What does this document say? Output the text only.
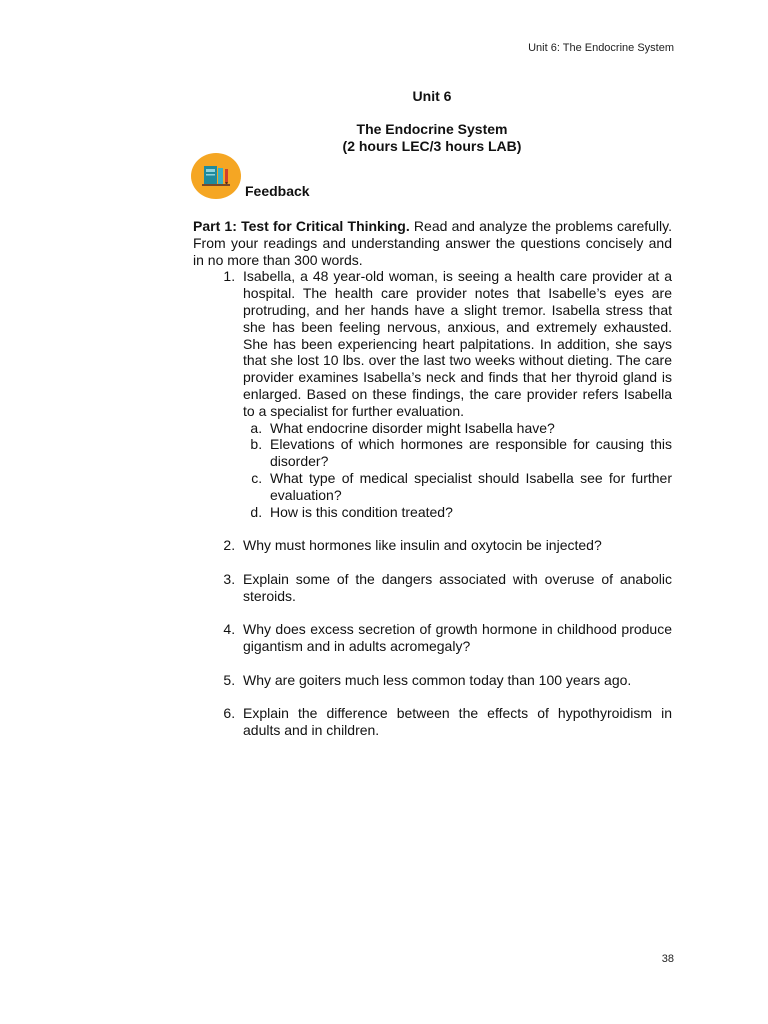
Unit 6: The Endocrine System
Unit 6
The Endocrine System
(2 hours LEC/3 hours LAB)
Feedback

Part 1: Test for Critical Thinking. Read and analyze the problems carefully. From your readings and understanding answer the questions concisely and in no more than 300 words.

1. Isabella, a 48 year-old woman, is seeing a health care provider at a hospital. The health care provider notes that Isabelle’s eyes are protruding, and her hands have a slight tremor. Isabella stress that she has been feeling nervous, anxious, and extremely exhausted. She has been experiencing heart palpitations. In addition, she says that she lost 10 lbs. over the last two weeks without dieting. The care provider examines Isabella’s neck and finds that her thyroid gland is enlarged. Based on these findings, the care provider refers Isabella to a specialist for further evaluation.
a. What endocrine disorder might Isabella have?
b. Elevations of which hormones are responsible for causing this disorder?
c. What type of medical specialist should Isabella see for further evaluation?
d. How is this condition treated?
2. Why must hormones like insulin and oxytocin be injected?
3. Explain some of the dangers associated with overuse of anabolic steroids.
4. Why does excess secretion of growth hormone in childhood produce gigantism and in adults acromegaly?
5. Why are goiters much less common today than 100 years ago.
6. Explain the difference between the effects of hypothyroidism in adults and in children.
38
